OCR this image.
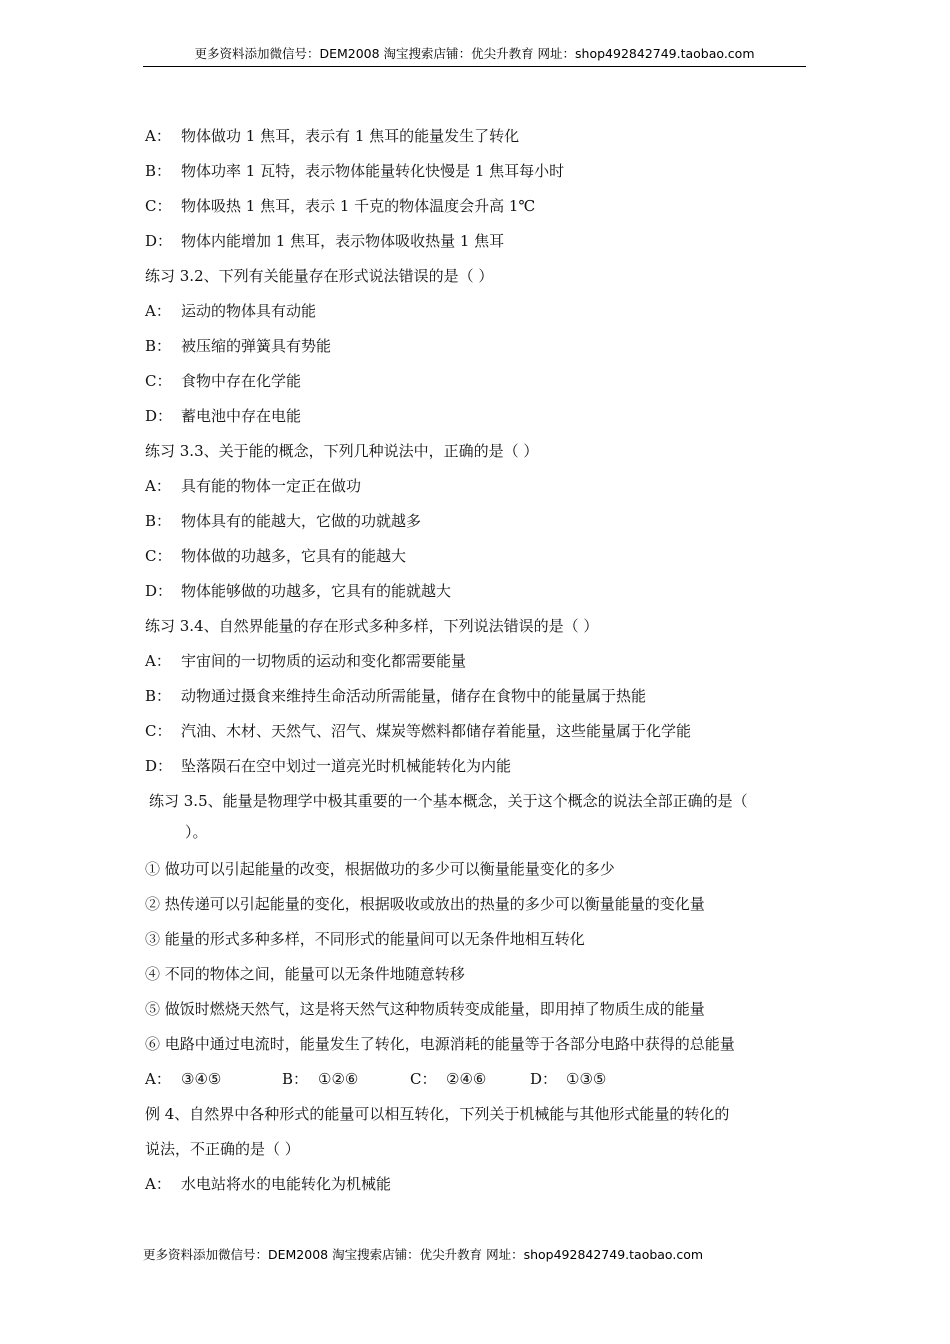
更多资料添加微信号：DEM2008 淘宝搜索店铺：优尖升教育 网址：shop492842749.taobao.com
A： 物体做功 1 焦耳，表示有 1 焦耳的能量发生了转化
B： 物体功率 1 瓦特，表示物体能量转化快慢是 1 焦耳每小时
C： 物体吸热 1 焦耳，表示 1 千克的物体温度会升高 1℃
D： 物体内能增加 1 焦耳，表示物体吸收热量 1 焦耳
练习 3.2、下列有关能量存在形式说法错误的是（ ）
A： 运动的物体具有动能
B： 被压缩的弹簧具有势能
C： 食物中存在化学能
D： 蓄电池中存在电能
练习 3.3、关于能的概念，下列几种说法中，正确的是（ ）
A： 具有能的物体一定正在做功
B： 物体具有的能越大，它做的功就越多
C： 物体做的功越多，它具有的能越大
D： 物体能够做的功越多，它具有的能就越大
练习 3.4、自然界能量的存在形式多种多样，下列说法错误的是（ ）
A： 宇宙间的一切物质的运动和变化都需要能量
B： 动物通过摄食来维持生命活动所需能量，储存在食物中的能量属于热能
C： 汽油、木材、天然气、沼气、煤炭等燃料都储存着能量，这些能量属于化学能
D： 坠落陨石在空中划过一道亮光时机械能转化为内能
练习 3.5、能量是物理学中极其重要的一个基本概念，关于这个概念的说法全部正确的是（
）。
① 做功可以引起能量的改变，根据做功的多少可以衡量能量变化的多少
② 热传递可以引起能量的变化，根据吸收或放出的热量的多少可以衡量能量的变化量
③ 能量的形式多种多样，不同形式的能量间可以无条件地相互转化
④ 不同的物体之间，能量可以无条件地随意转移
⑤ 做饭时燃烧天然气，这是将天然气这种物质转变成能量，即用掉了物质生成的能量
⑥ 电路中通过电流时，能量发生了转化，电源消耗的能量等于各部分电路中获得的总能量
A： ③④⑤	B： ①②⑥	C： ②④⑥	D： ①③⑤
例 4、自然界中各种形式的能量可以相互转化，下列关于机械能与其他形式能量的转化的
说法，不正确的是（ ）
A： 水电站将水的电能转化为机械能
更多资料添加微信号：DEM2008 淘宝搜索店铺：优尖升教育 网址：shop492842749.taobao.com
